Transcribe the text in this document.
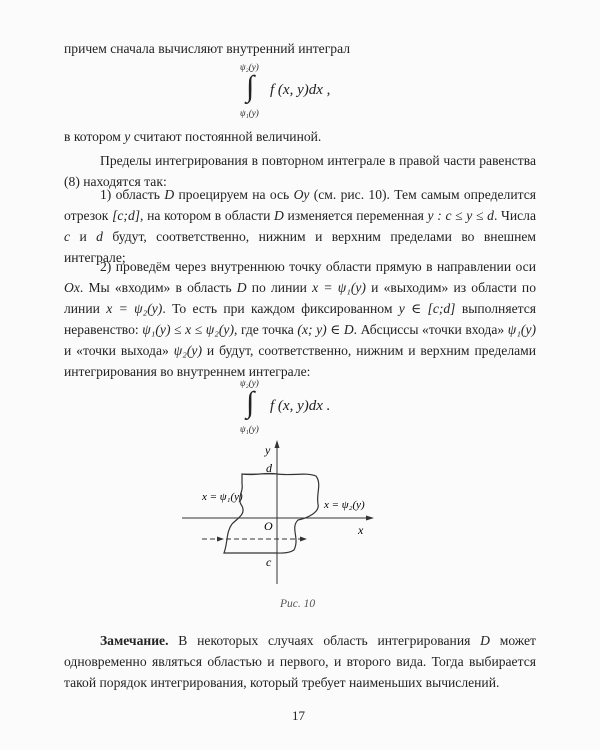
причем сначала вычисляют внутренний интеграл
ψ₂(y)
∫
ψ₁(y)
f (x, y)dx ,
в котором y считают постоянной величиной.
Пределы интегрирования в повторном интеграле в правой части равенства (8) находятся так:
1) область D проецируем на ось Oy (см. рис. 10). Тем самым определится отрезок [c;d], на котором в области D изменяется переменная y : c ≤ y ≤ d. Числа c и d будут, соответственно, нижним и верхним пределами во внешнем интеграле;
2) проведём через внутреннюю точку области прямую в направлении оси Ox. Мы «входим» в область D по линии x = ψ₁(y) и «выходим» из области по линии x = ψ₂(y). То есть при каждом фиксированном y ∈ [c;d] выполняется неравенство: ψ₁(y) ≤ x ≤ ψ₂(y), где точка (x; y) ∈ D. Абсциссы «точки входа» ψ₁(y) и «точки выхода» ψ₂(y) и будут, соответственно, нижним и верхним пределами интегрирования во внутреннем интеграле:
ψ₂(y)
∫
ψ₁(y)
f (x, y)dx .
y
x
O
d
c
x = ψ₁(y)
x = ψ₂(y)
Рис. 10
Замечание. В некоторых случаях область интегрирования D может одновременно являться областью и первого, и второго вида. Тогда выбирается такой порядок интегрирования, который требует наименьших вычислений.
17
